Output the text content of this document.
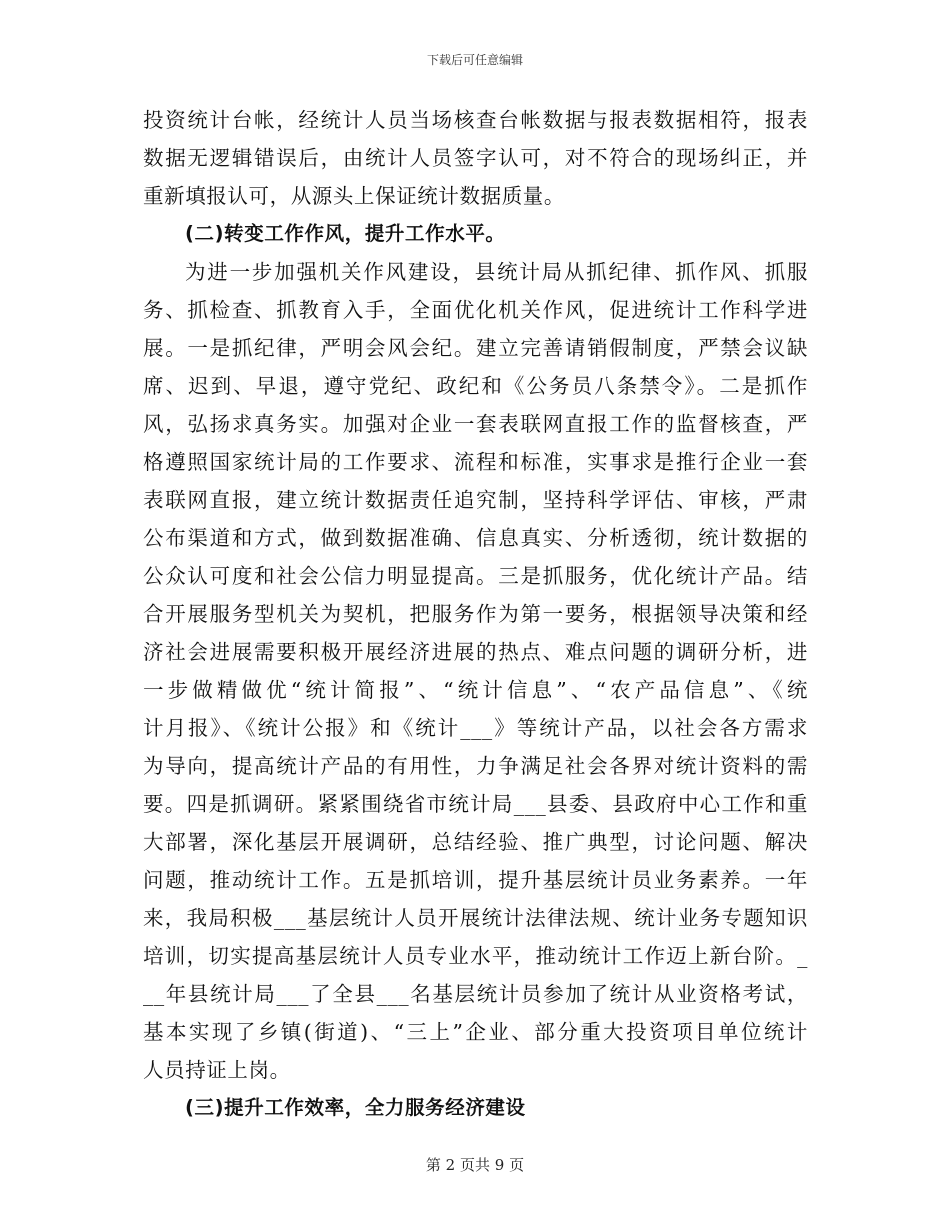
下载后可任意编辑
投资统计台帐，经统计人员当场核查台帐数据与报表数据相符，报表
数据无逻辑错误后，由统计人员签字认可，对不符合的现场纠正，并
重新填报认可，从源头上保证统计数据质量。
(二)转变工作作风，提升工作水平。
为进一步加强机关作风建设，县统计局从抓纪律、抓作风、抓服
务、抓检查、抓教育入手，全面优化机关作风，促进统计工作科学进
展。一是抓纪律，严明会风会纪。建立完善请销假制度，严禁会议缺
席、迟到、早退，遵守党纪、政纪和《公务员八条禁令》。二是抓作
风，弘扬求真务实。加强对企业一套表联网直报工作的监督核查，严
格遵照国家统计局的工作要求、流程和标准，实事求是推行企业一套
表联网直报，建立统计数据责任追究制，坚持科学评估、审核，严肃
公布渠道和方式，做到数据准确、信息真实、分析透彻，统计数据的
公众认可度和社会公信力明显提高。三是抓服务，优化统计产品。结
合开展服务型机关为契机，把服务作为第一要务，根据领导决策和经
济社会进展需要积极开展经济进展的热点、难点问题的调研分析，进
一步做精做优“统计简报”、“统计信息”、“农产品信息”、《统
计月报》、《统计公报》和《统计___》等统计产品，以社会各方需求
为导向，提高统计产品的有用性，力争满足社会各界对统计资料的需
要。四是抓调研。紧紧围绕省市统计局___县委、县政府中心工作和重
大部署，深化基层开展调研，总结经验、推广典型，讨论问题、解决
问题，推动统计工作。五是抓培训，提升基层统计员业务素养。一年
来，我局积极___基层统计人员开展统计法律法规、统计业务专题知识
培训，切实提高基层统计人员专业水平，推动统计工作迈上新台阶。_
__年县统计局___了全县___名基层统计员参加了统计从业资格考试，
基本实现了乡镇(街道)、“三上”企业、部分重大投资项目单位统计
人员持证上岗。
(三)提升工作效率，全力服务经济建设
第 2 页共 9 页
